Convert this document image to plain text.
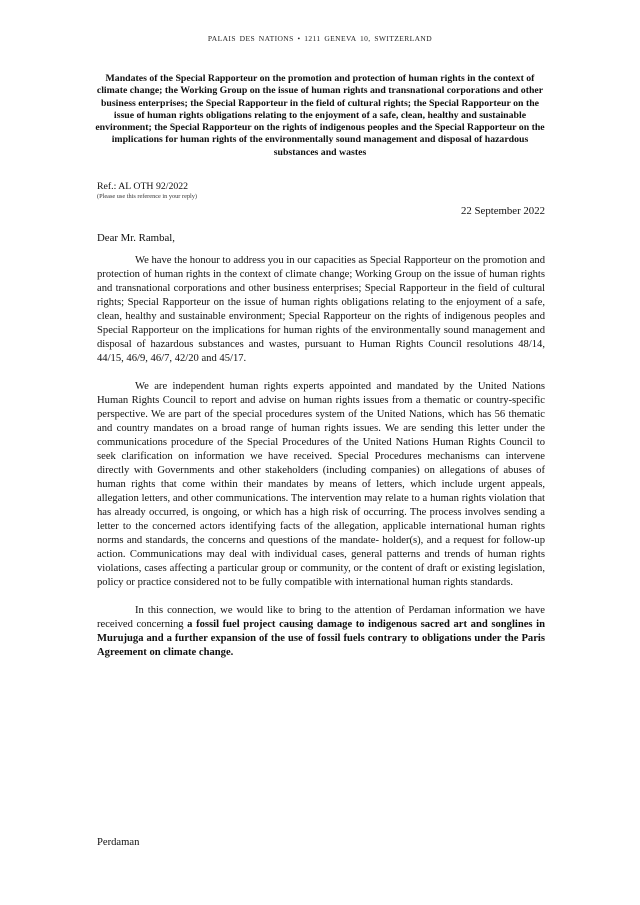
PALAIS DES NATIONS • 1211 GENEVA 10, SWITZERLAND
Mandates of the Special Rapporteur on the promotion and protection of human rights in the context of climate change; the Working Group on the issue of human rights and transnational corporations and other business enterprises; the Special Rapporteur in the field of cultural rights; the Special Rapporteur on the issue of human rights obligations relating to the enjoyment of a safe, clean, healthy and sustainable environment; the Special Rapporteur on the rights of indigenous peoples and the Special Rapporteur on the implications for human rights of the environmentally sound management and disposal of hazardous substances and wastes
Ref.: AL OTH 92/2022
(Please use this reference in your reply)
22 September 2022
Dear Mr. Rambal,

We have the honour to address you in our capacities as Special Rapporteur on the promotion and protection of human rights in the context of climate change; Working Group on the issue of human rights and transnational corporations and other business enterprises; Special Rapporteur in the field of cultural rights; Special Rapporteur on the issue of human rights obligations relating to the enjoyment of a safe, clean, healthy and sustainable environment; Special Rapporteur on the rights of indigenous peoples and Special Rapporteur on the implications for human rights of the environmentally sound management and disposal of hazardous substances and wastes, pursuant to Human Rights Council resolutions 48/14, 44/15, 46/9, 46/7, 42/20 and 45/17.

We are independent human rights experts appointed and mandated by the United Nations Human Rights Council to report and advise on human rights issues from a thematic or country-specific perspective. We are part of the special procedures system of the United Nations, which has 56 thematic and country mandates on a broad range of human rights issues. We are sending this letter under the communications procedure of the Special Procedures of the United Nations Human Rights Council to seek clarification on information we have received. Special Procedures mechanisms can intervene directly with Governments and other stakeholders (including companies) on allegations of abuses of human rights that come within their mandates by means of letters, which include urgent appeals, allegation letters, and other communications. The intervention may relate to a human rights violation that has already occurred, is ongoing, or which has a high risk of occurring. The process involves sending a letter to the concerned actors identifying facts of the allegation, applicable international human rights norms and standards, the concerns and questions of the mandate- holder(s), and a request for follow-up action. Communications may deal with individual cases, general patterns and trends of human rights violations, cases affecting a particular group or community, or the content of draft or existing legislation, policy or practice considered not to be fully compatible with international human rights standards.

In this connection, we would like to bring to the attention of Perdaman information we have received concerning a fossil fuel project causing damage to indigenous sacred art and songlines in Murujuga and a further expansion of the use of fossil fuels contrary to obligations under the Paris Agreement on climate change.

Perdaman
